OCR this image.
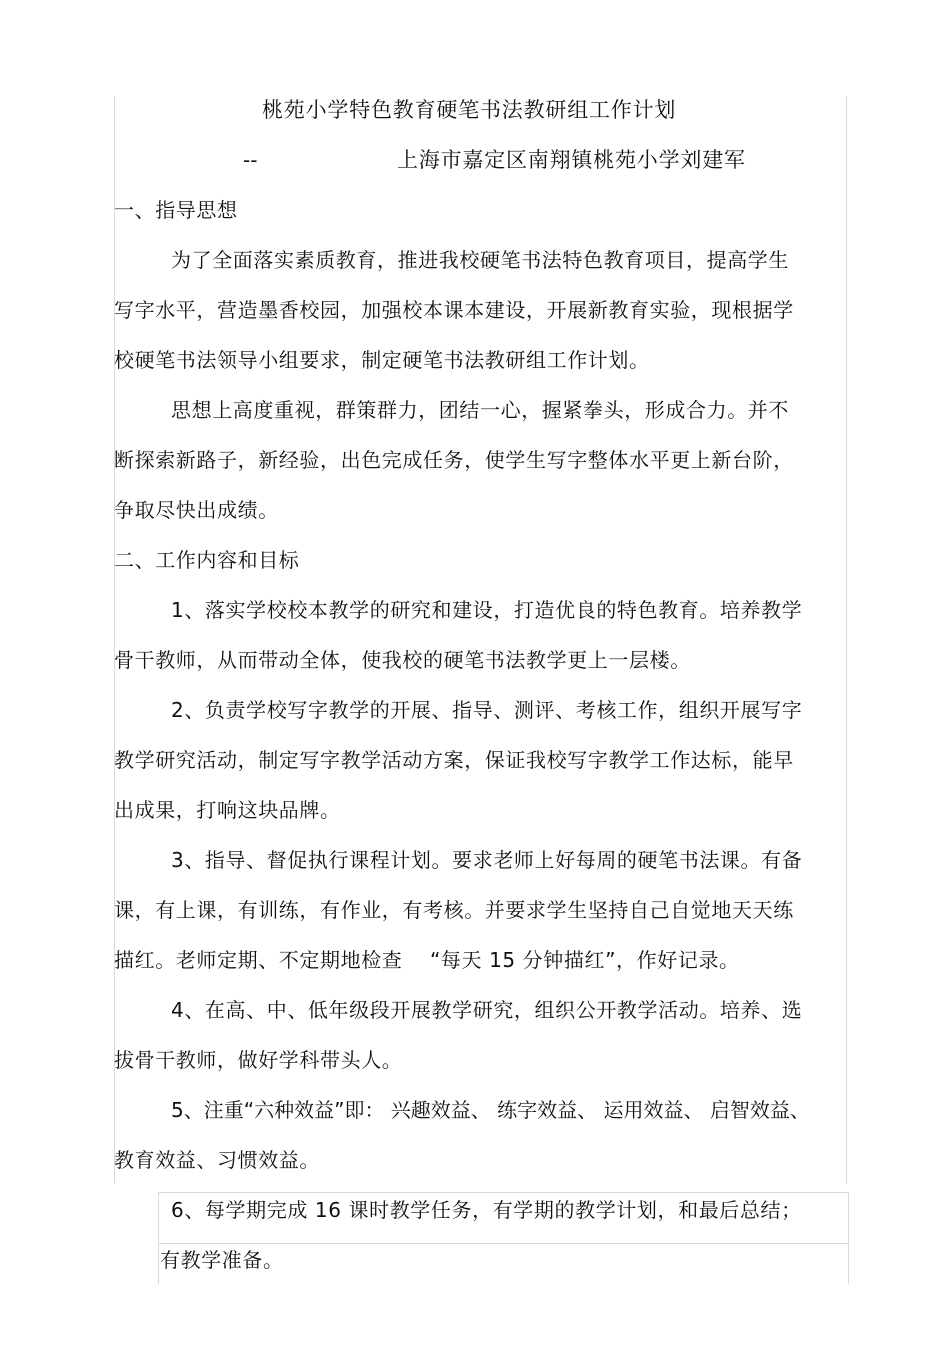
桃苑小学特色教育硬笔书法教研组工作计划
--	上海市嘉定区南翔镇桃苑小学刘建军
一、指导思想
为了全面落实素质教育，推进我校硬笔书法特色教育项目，提高学生
写字水平，营造墨香校园，加强校本课本建设，开展新教育实验，现根据学
校硬笔书法领导小组要求，制定硬笔书法教研组工作计划。
思想上高度重视，群策群力，团结一心，握紧拳头，形成合力。并不
断探索新路子，新经验，出色完成任务，使学生写字整体水平更上新台阶，
争取尽快出成绩。
二、工作内容和目标
1、落实学校校本教学的研究和建设，打造优良的特色教育。培养教学
骨干教师，从而带动全体，使我校的硬笔书法教学更上一层楼。
2、负责学校写字教学的开展、指导、测评、考核工作，组织开展写字
教学研究活动，制定写字教学活动方案，保证我校写字教学工作达标，能早
出成果，打响这块品牌。
3、指导、督促执行课程计划。要求老师上好每周的硬笔书法课。有备
课，有上课，有训练，有作业，有考核。并要求学生坚持自己自觉地天天练
描红。老师定期、不定期地检查　 “每天 15 分钟描红”，作好记录。
4、在高、中、低年级段开展教学研究，组织公开教学活动。培养、选
拔骨干教师，做好学科带头人。
5、注重“六种效益”即： 兴趣效益、 练字效益、 运用效益、 启智效益、
教育效益、习惯效益。
6、每学期完成 16 课时教学任务，有学期的教学计划，和最后总结；
有教学准备。
